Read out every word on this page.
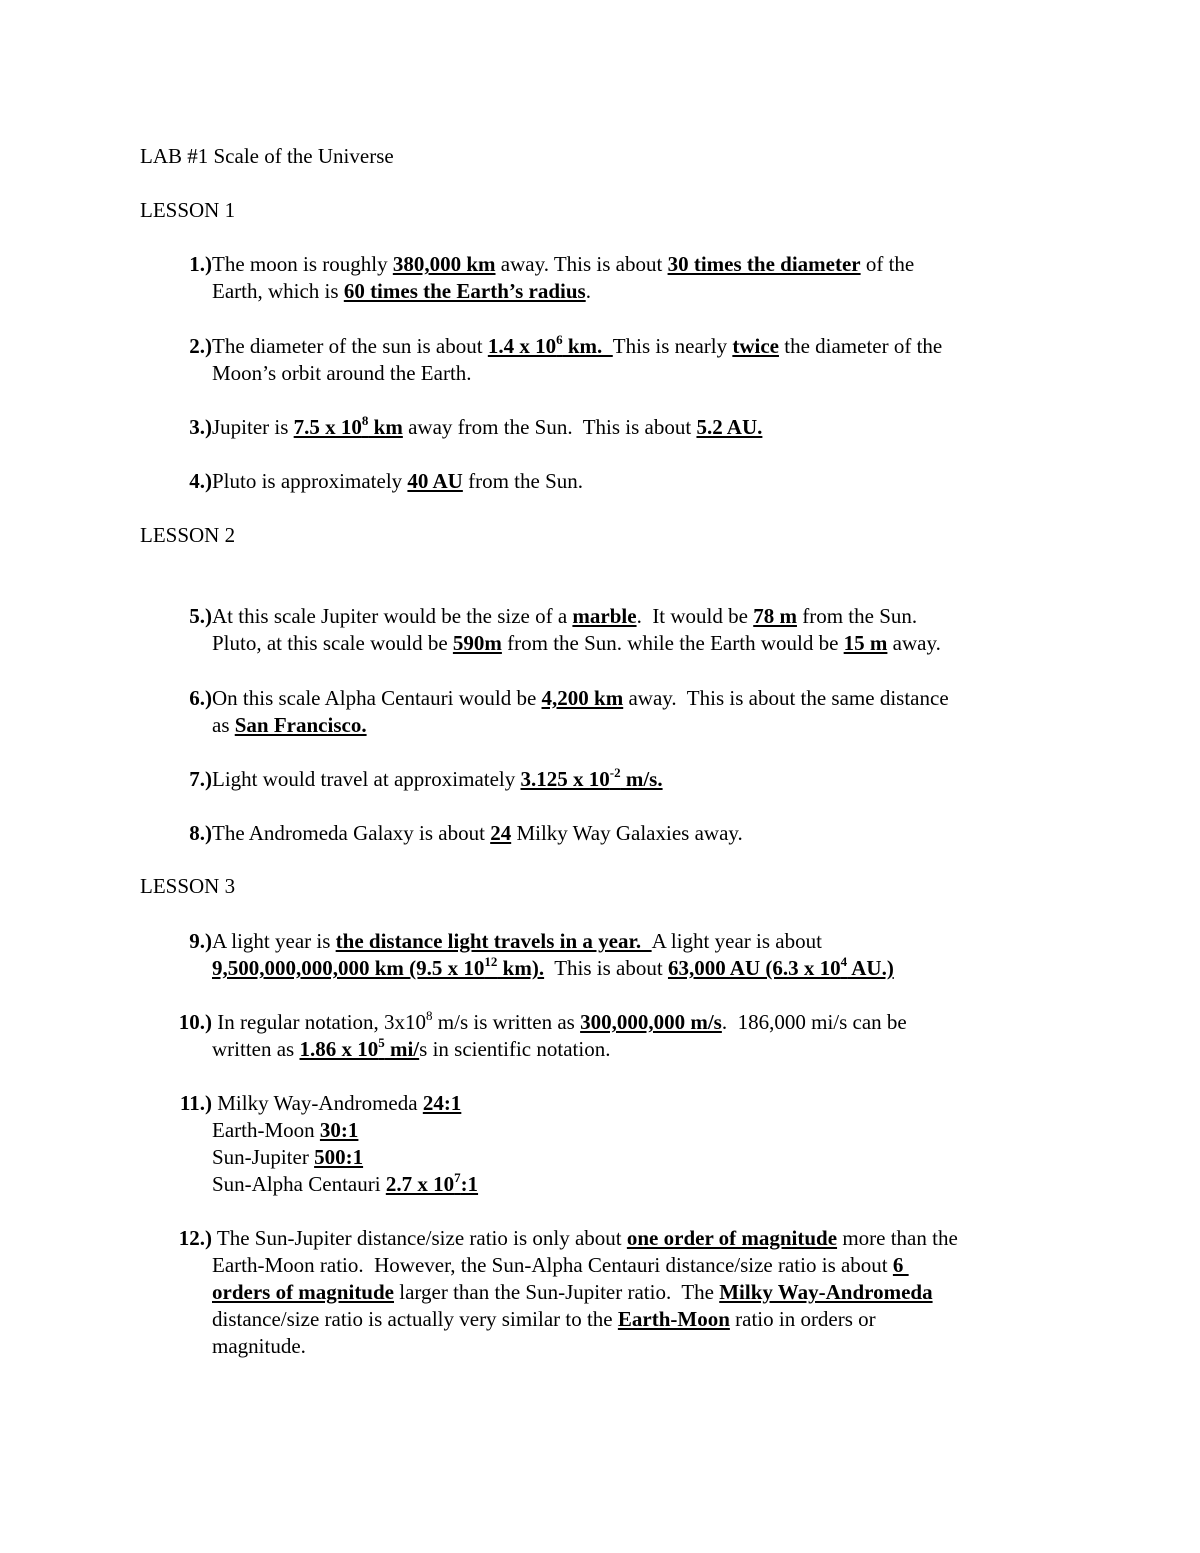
LAB #1 Scale of the Universe
LESSON 1
1.)The moon is roughly 380,000 km away. This is about 30 times the diameter of the
Earth, which is 60 times the Earth’s radius.
2.)The diameter of the sun is about 1.4 x $10^6$ km.  This is nearly twice the diameter of the
Moon’s orbit around the Earth.
3.)Jupiter is 7.5 x $10^8$ km away from the Sun.  This is about 5.2 AU.
4.)Pluto is approximately 40 AU from the Sun.
LESSON 2
5.)At this scale Jupiter would be the size of a marble.  It would be 78 m from the Sun.
Pluto, at this scale would be 590m from the Sun. while the Earth would be 15 m away.
6.)On this scale Alpha Centauri would be 4,200 km away.  This is about the same distance
as San Francisco.
7.)Light would travel at approximately 3.125 x $10^{-2}$ m/s.
8.)The Andromeda Galaxy is about 24 Milky Way Galaxies away.
LESSON 3
9.)A light year is the distance light travels in a year.  A light year is about
9,500,000,000,000 km (9.5 x $10^{12}$ km).  This is about 63,000 AU (6.3 x $10^4$ AU.)
10.) In regular notation, $3x10^8$ m/s is written as 300,000,000 m/s.  186,000 mi/s can be
written as 1.86 x $10^5$ mi/s in scientific notation.
11.) Milky Way-Andromeda 24:1
Earth-Moon 30:1
Sun-Jupiter 500:1
Sun-Alpha Centauri 2.7 x $10^7:1$
12.) The Sun-Jupiter distance/size ratio is only about one order of magnitude more than the
Earth-Moon ratio.  However, the Sun-Alpha Centauri distance/size ratio is about 6
orders of magnitude larger than the Sun-Jupiter ratio.  The Milky Way-Andromeda
distance/size ratio is actually very similar to the Earth-Moon ratio in orders or
magnitude.
